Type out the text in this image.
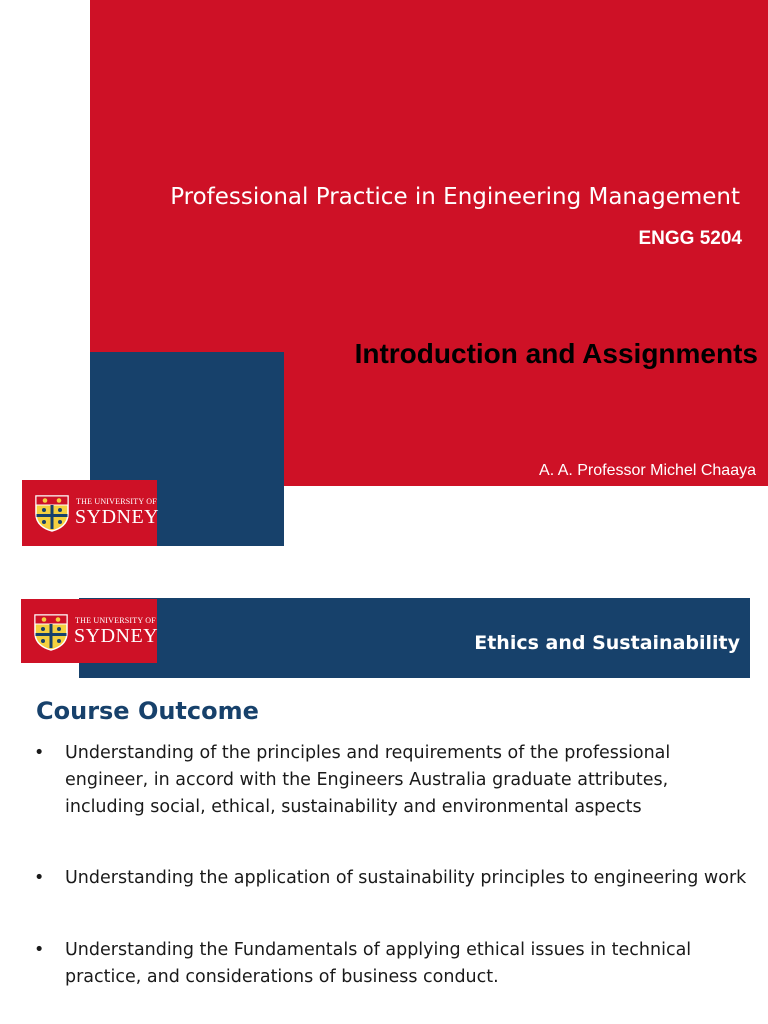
Professional Practice in Engineering Management
ENGG 5204
Introduction and Assignments
A. A. Professor Michel Chaaya
THE UNIVERSITY OF
SYDNEY
Ethics and Sustainability
THE UNIVERSITY OF
SYDNEY
Course Outcome
• Understanding of the principles and requirements of the professional engineer, in accord with the Engineers Australia graduate attributes, including social, ethical, sustainability and environmental aspects
• Understanding the application of sustainability principles to engineering work
• Understanding the Fundamentals of applying ethical issues in technical practice, and considerations of business conduct.
